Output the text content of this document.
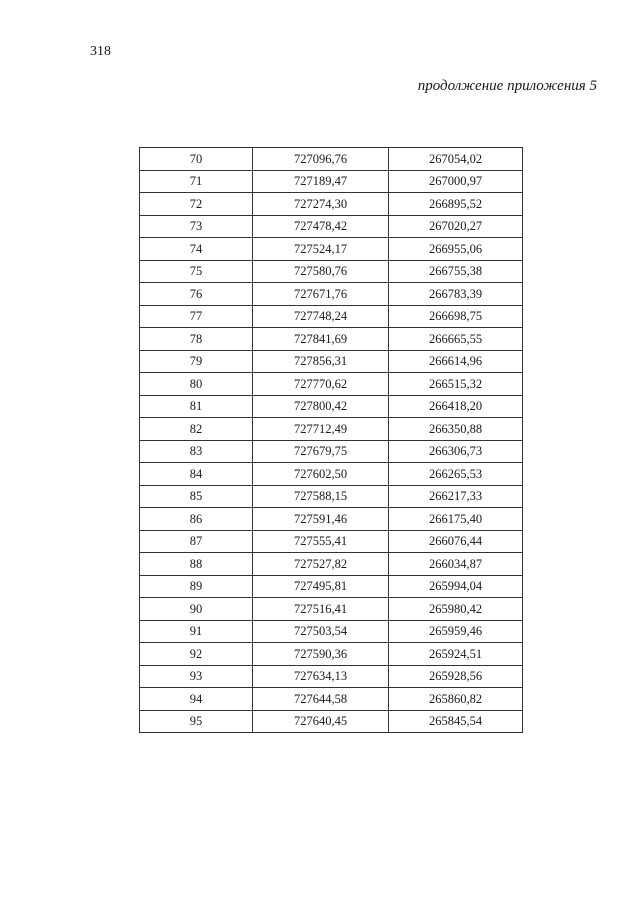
318
продолжение приложения 5
70	727096,76	267054,02
71	727189,47	267000,97
72	727274,30	266895,52
73	727478,42	267020,27
74	727524,17	266955,06
75	727580,76	266755,38
76	727671,76	266783,39
77	727748,24	266698,75
78	727841,69	266665,55
79	727856,31	266614,96
80	727770,62	266515,32
81	727800,42	266418,20
82	727712,49	266350,88
83	727679,75	266306,73
84	727602,50	266265,53
85	727588,15	266217,33
86	727591,46	266175,40
87	727555,41	266076,44
88	727527,82	266034,87
89	727495,81	265994,04
90	727516,41	265980,42
91	727503,54	265959,46
92	727590,36	265924,51
93	727634,13	265928,56
94	727644,58	265860,82
95	727640,45	265845,54
